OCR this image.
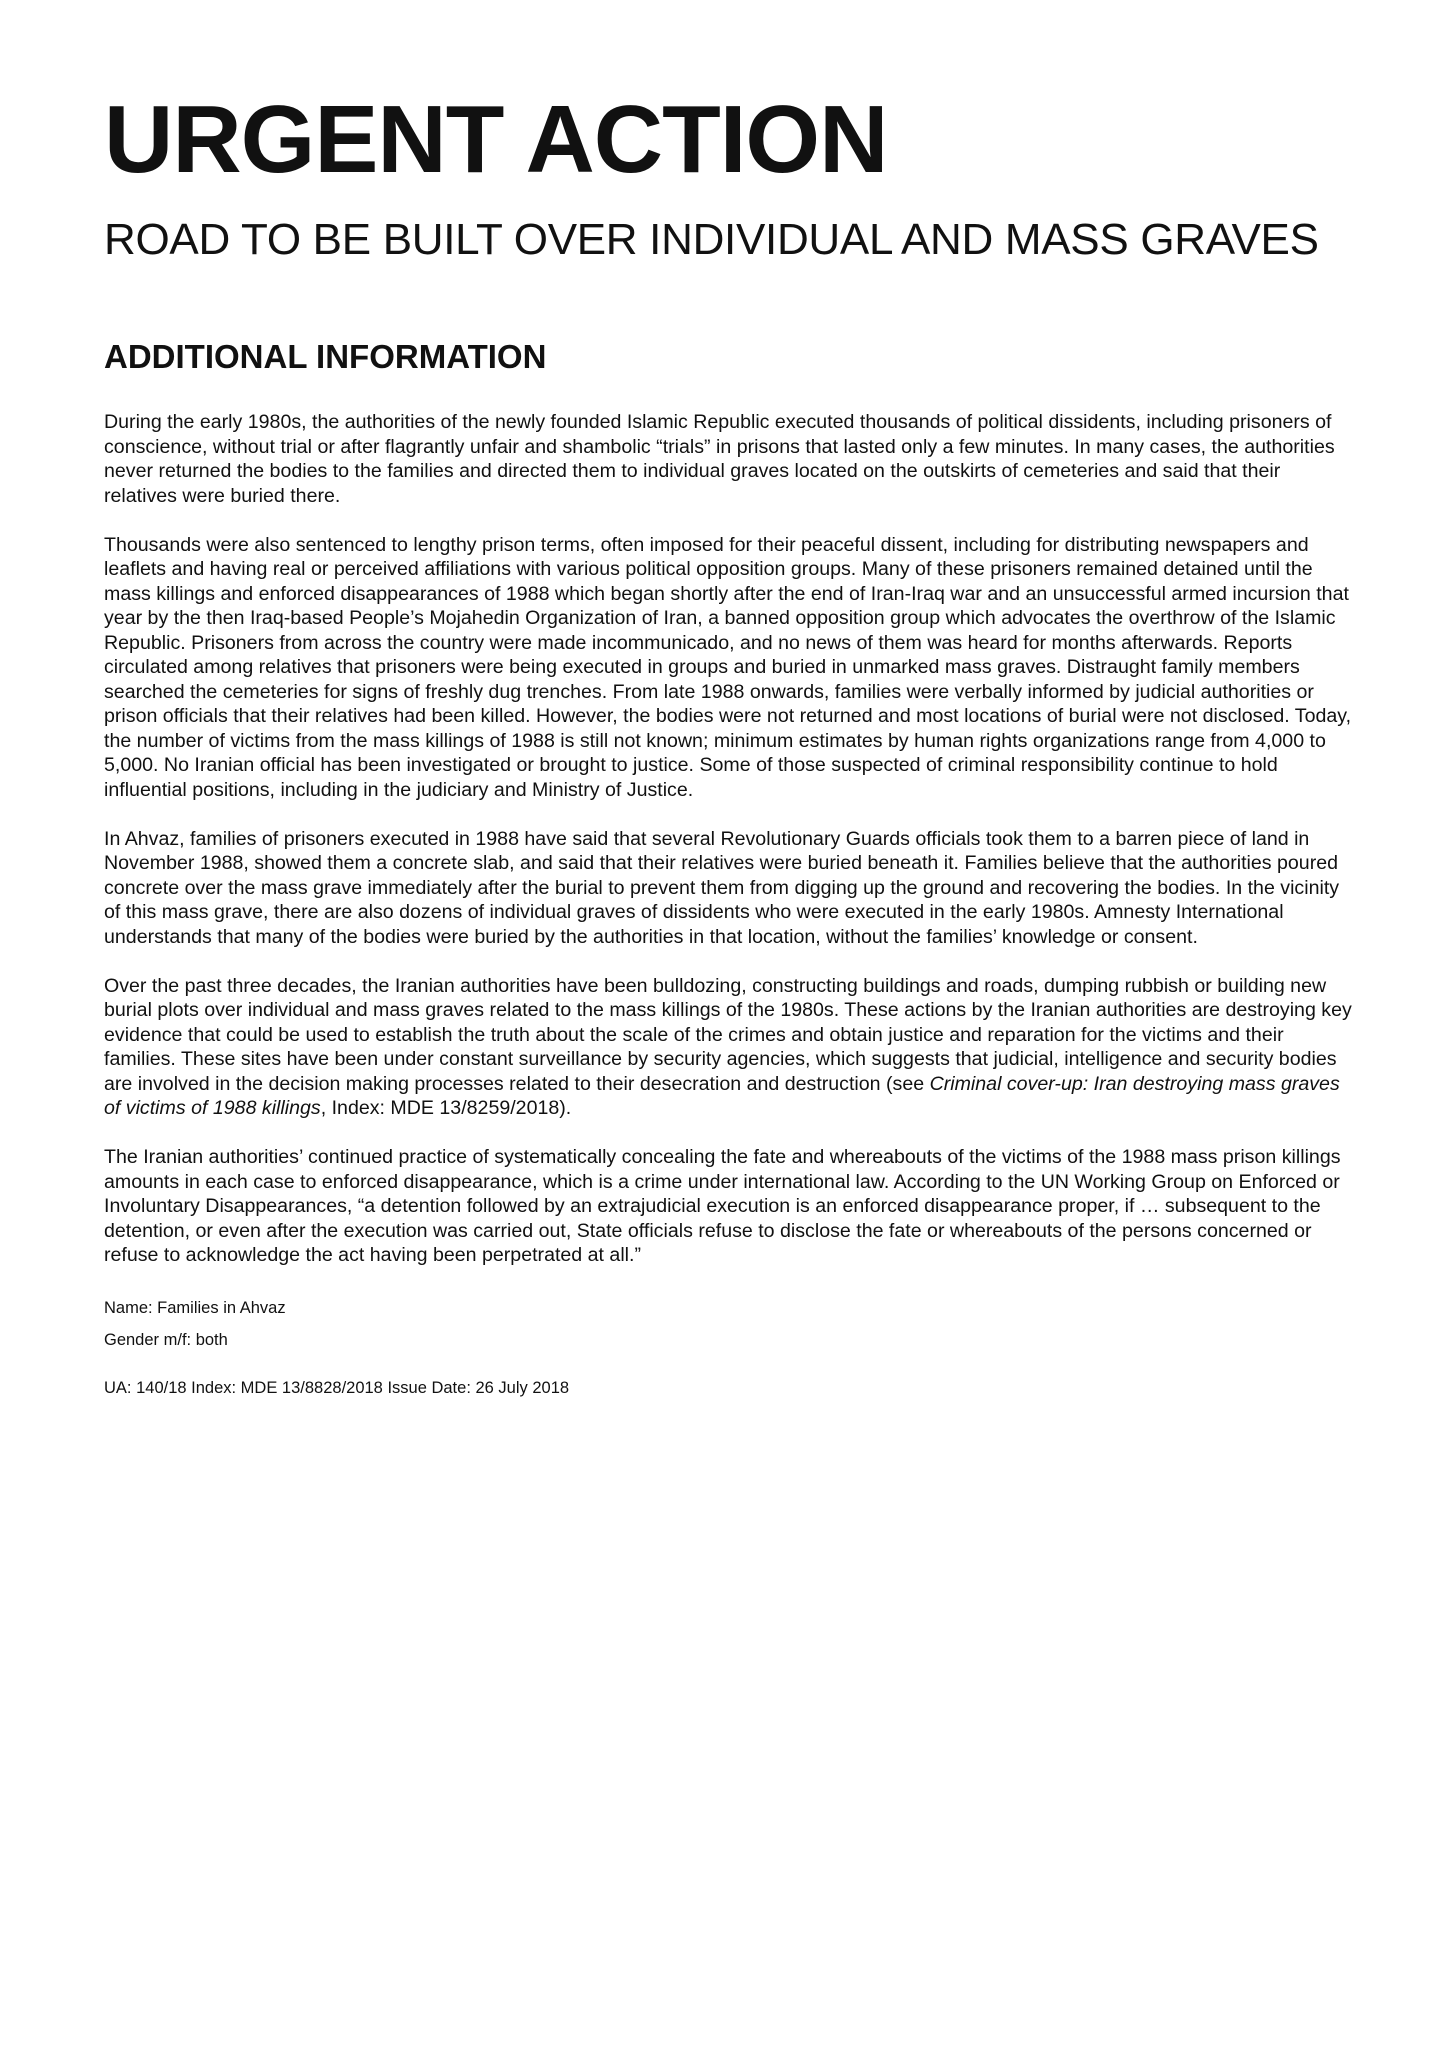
URGENT ACTION
ROAD TO BE BUILT OVER INDIVIDUAL AND MASS GRAVES
ADDITIONAL INFORMATION

During the early 1980s, the authorities of the newly founded Islamic Republic executed thousands of political dissidents, including prisoners of conscience, without trial or after flagrantly unfair and shambolic “trials” in prisons that lasted only a few minutes. In many cases, the authorities never returned the bodies to the families and directed them to individual graves located on the outskirts of cemeteries and said that their relatives were buried there.

Thousands were also sentenced to lengthy prison terms, often imposed for their peaceful dissent, including for distributing newspapers and leaflets and having real or perceived affiliations with various political opposition groups. Many of these prisoners remained detained until the mass killings and enforced disappearances of 1988 which began shortly after the end of Iran-Iraq war and an unsuccessful armed incursion that year by the then Iraq-based People’s Mojahedin Organization of Iran, a banned opposition group which advocates the overthrow of the Islamic Republic. Prisoners from across the country were made incommunicado, and no news of them was heard for months afterwards. Reports circulated among relatives that prisoners were being executed in groups and buried in unmarked mass graves. Distraught family members searched the cemeteries for signs of freshly dug trenches. From late 1988 onwards, families were verbally informed by judicial authorities or prison officials that their relatives had been killed. However, the bodies were not returned and most locations of burial were not disclosed. Today, the number of victims from the mass killings of 1988 is still not known; minimum estimates by human rights organizations range from 4,000 to 5,000. No Iranian official has been investigated or brought to justice. Some of those suspected of criminal responsibility continue to hold influential positions, including in the judiciary and Ministry of Justice.

In Ahvaz, families of prisoners executed in 1988 have said that several Revolutionary Guards officials took them to a barren piece of land in November 1988, showed them a concrete slab, and said that their relatives were buried beneath it. Families believe that the authorities poured concrete over the mass grave immediately after the burial to prevent them from digging up the ground and recovering the bodies. In the vicinity of this mass grave, there are also dozens of individual graves of dissidents who were executed in the early 1980s. Amnesty International understands that many of the bodies were buried by the authorities in that location, without the families’ knowledge or consent.

Over the past three decades, the Iranian authorities have been bulldozing, constructing buildings and roads, dumping rubbish or building new burial plots over individual and mass graves related to the mass killings of the 1980s. These actions by the Iranian authorities are destroying key evidence that could be used to establish the truth about the scale of the crimes and obtain justice and reparation for the victims and their families. These sites have been under constant surveillance by security agencies, which suggests that judicial, intelligence and security bodies are involved in the decision making processes related to their desecration and destruction (see Criminal cover-up: Iran destroying mass graves of victims of 1988 killings, Index: MDE 13/8259/2018).

The Iranian authorities’ continued practice of systematically concealing the fate and whereabouts of the victims of the 1988 mass prison killings amounts in each case to enforced disappearance, which is a crime under international law. According to the UN Working Group on Enforced or Involuntary Disappearances, “a detention followed by an extrajudicial execution is an enforced disappearance proper, if … subsequent to the detention, or even after the execution was carried out, State officials refuse to disclose the fate or whereabouts of the persons concerned or refuse to acknowledge the act having been perpetrated at all.”

Name: Families in Ahvaz

Gender m/f: both

UA: 140/18 Index: MDE 13/8828/2018 Issue Date: 26 July 2018
